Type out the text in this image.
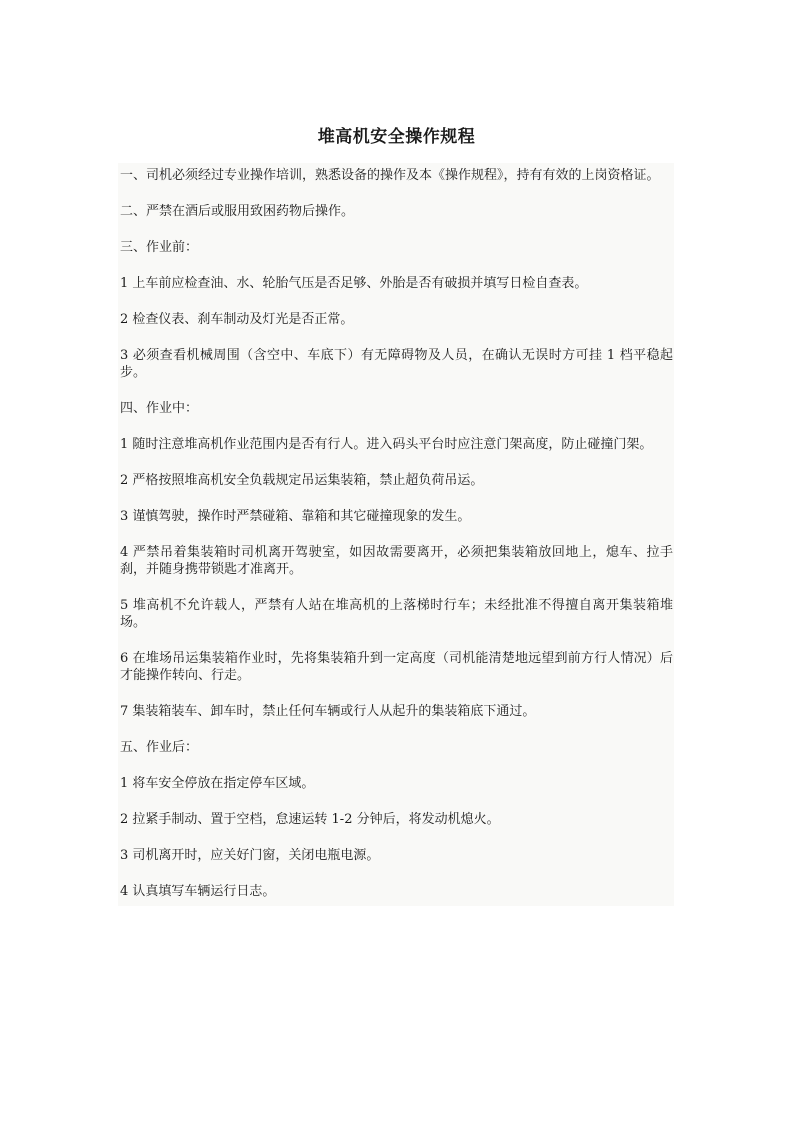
堆高机安全操作规程

一、司机必须经过专业操作培训，熟悉设备的操作及本《操作规程》，持有有效的上岗资格证。

二、严禁在酒后或服用致困药物后操作。

三、作业前：

1 上车前应检查油、水、轮胎气压是否足够、外胎是否有破损并填写日检自查表。

2 检查仪表、刹车制动及灯光是否正常。

3 必须查看机械周围（含空中、车底下）有无障碍物及人员，在确认无误时方可挂 1 档平稳起步。

四、作业中：

1 随时注意堆高机作业范围内是否有行人。进入码头平台时应注意门架高度，防止碰撞门架。

2 严格按照堆高机安全负载规定吊运集装箱，禁止超负荷吊运。

3 谨慎驾驶，操作时严禁碰箱、靠箱和其它碰撞现象的发生。

4 严禁吊着集装箱时司机离开驾驶室，如因故需要离开，必须把集装箱放回地上，熄车、拉手刹，并随身携带锁匙才准离开。

5 堆高机不允许载人，严禁有人站在堆高机的上落梯时行车；未经批准不得擅自离开集装箱堆场。

6 在堆场吊运集装箱作业时，先将集装箱升到一定高度（司机能清楚地远望到前方行人情况）后才能操作转向、行走。

7 集装箱装车、卸车时，禁止任何车辆或行人从起升的集装箱底下通过。

五、作业后：

1 将车安全停放在指定停车区域。

2 拉紧手制动、置于空档，怠速运转 1-2 分钟后，将发动机熄火。

3 司机离开时，应关好门窗，关闭电瓶电源。

4 认真填写车辆运行日志。
